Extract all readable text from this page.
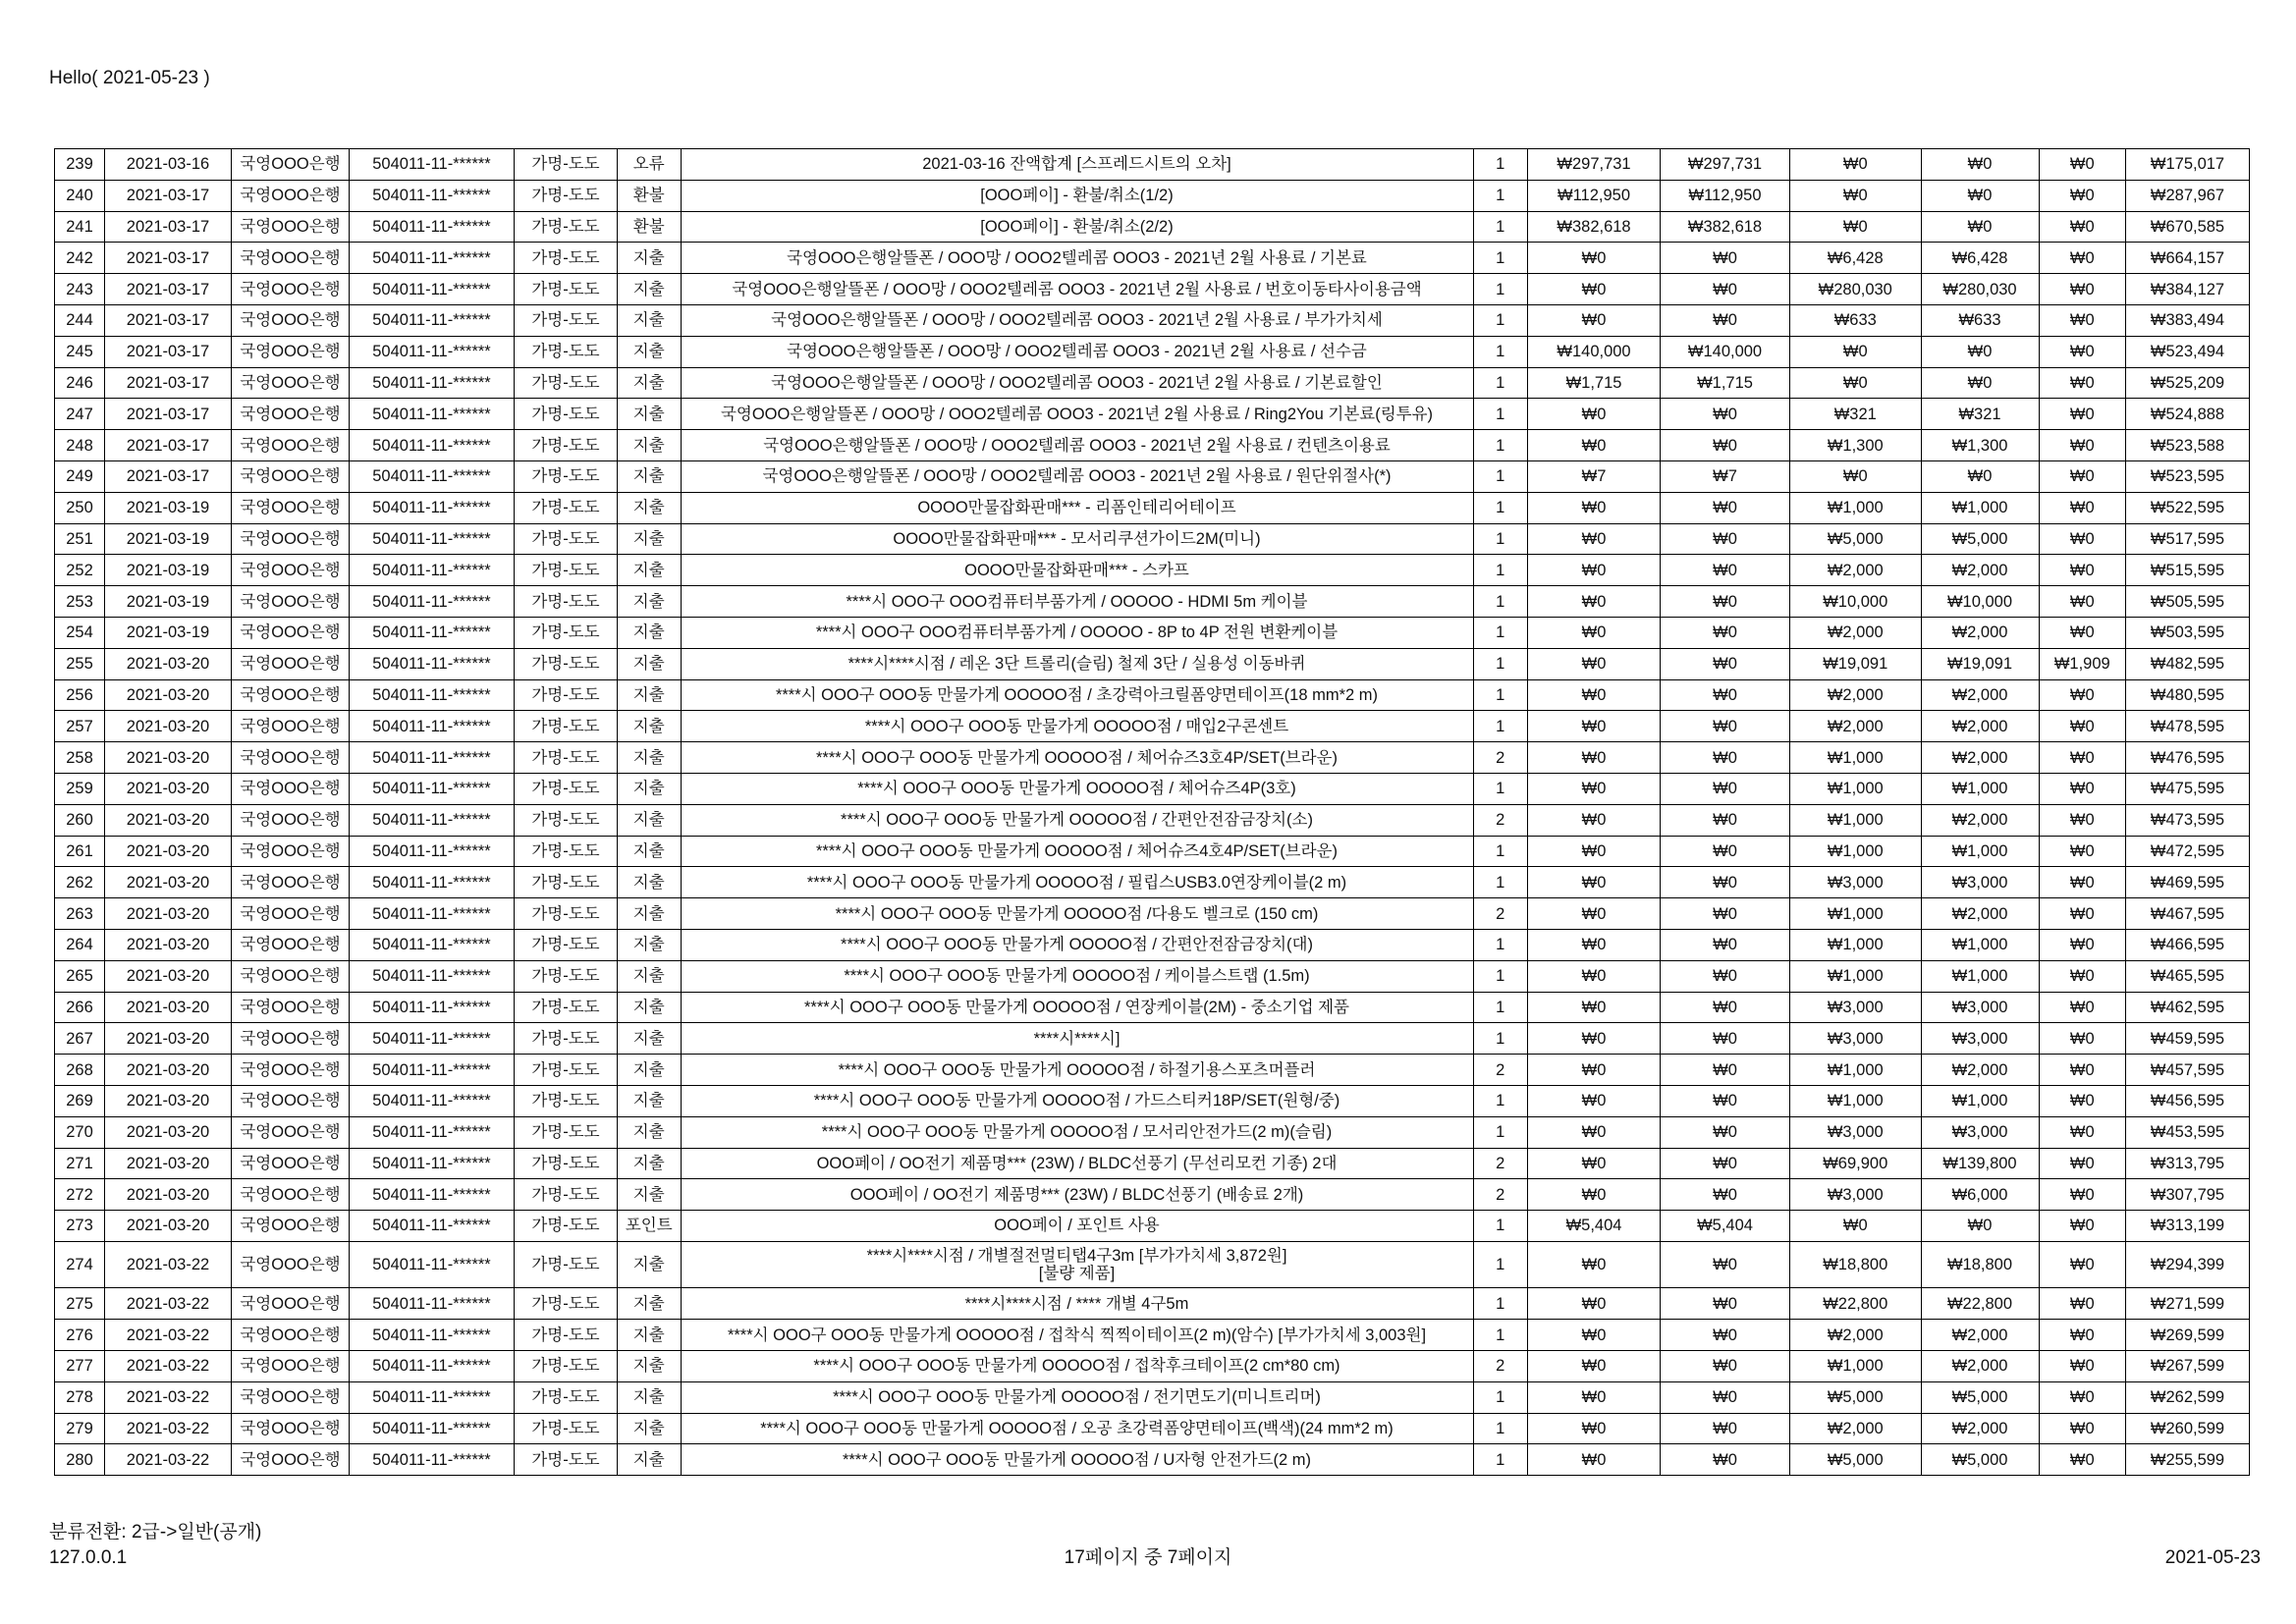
Hello( 2021-05-23 )
239	2021-03-16	국영OOO은행	504011-11-******	가명-도도	오류	2021-03-16 잔액합계 [스프레드시트의 오차]	1	₩297,731	₩297,731	₩0	₩0	₩0	₩175,017
240	2021-03-17	국영OOO은행	504011-11-******	가명-도도	환불	[OOO페이] - 환불/취소(1/2)	1	₩112,950	₩112,950	₩0	₩0	₩0	₩287,967
241	2021-03-17	국영OOO은행	504011-11-******	가명-도도	환불	[OOO페이] - 환불/취소(2/2)	1	₩382,618	₩382,618	₩0	₩0	₩0	₩670,585
242	2021-03-17	국영OOO은행	504011-11-******	가명-도도	지출	국영OOO은행알뜰폰 / OOO망 / OOO2텔레콤 OOO3 - 2021년 2월 사용료 / 기본료	1	₩0	₩0	₩6,428	₩6,428	₩0	₩664,157
243	2021-03-17	국영OOO은행	504011-11-******	가명-도도	지출	국영OOO은행알뜰폰 / OOO망 / OOO2텔레콤 OOO3 - 2021년 2월 사용료 / 번호이동타사이용금액	1	₩0	₩0	₩280,030	₩280,030	₩0	₩384,127
244	2021-03-17	국영OOO은행	504011-11-******	가명-도도	지출	국영OOO은행알뜰폰 / OOO망 / OOO2텔레콤 OOO3 - 2021년 2월 사용료 / 부가가치세	1	₩0	₩0	₩633	₩633	₩0	₩383,494
245	2021-03-17	국영OOO은행	504011-11-******	가명-도도	지출	국영OOO은행알뜰폰 / OOO망 / OOO2텔레콤 OOO3 - 2021년 2월 사용료 / 선수금	1	₩140,000	₩140,000	₩0	₩0	₩0	₩523,494
246	2021-03-17	국영OOO은행	504011-11-******	가명-도도	지출	국영OOO은행알뜰폰 / OOO망 / OOO2텔레콤 OOO3 - 2021년 2월 사용료 / 기본료할인	1	₩1,715	₩1,715	₩0	₩0	₩0	₩525,209
247	2021-03-17	국영OOO은행	504011-11-******	가명-도도	지출	국영OOO은행알뜰폰 / OOO망 / OOO2텔레콤 OOO3 - 2021년 2월 사용료 / Ring2You 기본료(링투유)	1	₩0	₩0	₩321	₩321	₩0	₩524,888
248	2021-03-17	국영OOO은행	504011-11-******	가명-도도	지출	국영OOO은행알뜰폰 / OOO망 / OOO2텔레콤 OOO3 - 2021년 2월 사용료 / 컨텐츠이용료	1	₩0	₩0	₩1,300	₩1,300	₩0	₩523,588
249	2021-03-17	국영OOO은행	504011-11-******	가명-도도	지출	국영OOO은행알뜰폰 / OOO망 / OOO2텔레콤 OOO3 - 2021년 2월 사용료 / 원단위절사(*)	1	₩7	₩7	₩0	₩0	₩0	₩523,595
250	2021-03-19	국영OOO은행	504011-11-******	가명-도도	지출	OOOO만물잡화판매*** - 리폼인테리어테이프	1	₩0	₩0	₩1,000	₩1,000	₩0	₩522,595
251	2021-03-19	국영OOO은행	504011-11-******	가명-도도	지출	OOOO만물잡화판매*** - 모서리쿠션가이드2M(미니)	1	₩0	₩0	₩5,000	₩5,000	₩0	₩517,595
252	2021-03-19	국영OOO은행	504011-11-******	가명-도도	지출	OOOO만물잡화판매*** - 스카프	1	₩0	₩0	₩2,000	₩2,000	₩0	₩515,595
253	2021-03-19	국영OOO은행	504011-11-******	가명-도도	지출	****시 OOO구 OOO컴퓨터부품가게 / OOOOO - HDMI 5m 케이블	1	₩0	₩0	₩10,000	₩10,000	₩0	₩505,595
254	2021-03-19	국영OOO은행	504011-11-******	가명-도도	지출	****시 OOO구 OOO컴퓨터부품가게 / OOOOO - 8P to 4P 전원 변환케이블	1	₩0	₩0	₩2,000	₩2,000	₩0	₩503,595
255	2021-03-20	국영OOO은행	504011-11-******	가명-도도	지출	****시****시점 / 레온 3단 트롤리(슬림) 철제 3단 / 실용성 이동바퀴	1	₩0	₩0	₩19,091	₩19,091	₩1,909	₩482,595
256	2021-03-20	국영OOO은행	504011-11-******	가명-도도	지출	****시 OOO구 OOO동 만물가게 OOOOO점 / 초강력아크릴폼양면테이프(18 mm*2 m)	1	₩0	₩0	₩2,000	₩2,000	₩0	₩480,595
257	2021-03-20	국영OOO은행	504011-11-******	가명-도도	지출	****시 OOO구 OOO동 만물가게 OOOOO점 / 매입2구콘센트	1	₩0	₩0	₩2,000	₩2,000	₩0	₩478,595
258	2021-03-20	국영OOO은행	504011-11-******	가명-도도	지출	****시 OOO구 OOO동 만물가게 OOOOO점 / 체어슈즈3호4P/SET(브라운)	2	₩0	₩0	₩1,000	₩2,000	₩0	₩476,595
259	2021-03-20	국영OOO은행	504011-11-******	가명-도도	지출	****시 OOO구 OOO동 만물가게 OOOOO점 / 체어슈즈4P(3호)	1	₩0	₩0	₩1,000	₩1,000	₩0	₩475,595
260	2021-03-20	국영OOO은행	504011-11-******	가명-도도	지출	****시 OOO구 OOO동 만물가게 OOOOO점 / 간편안전잠금장치(소)	2	₩0	₩0	₩1,000	₩2,000	₩0	₩473,595
261	2021-03-20	국영OOO은행	504011-11-******	가명-도도	지출	****시 OOO구 OOO동 만물가게 OOOOO점 / 체어슈즈4호4P/SET(브라운)	1	₩0	₩0	₩1,000	₩1,000	₩0	₩472,595
262	2021-03-20	국영OOO은행	504011-11-******	가명-도도	지출	****시 OOO구 OOO동 만물가게 OOOOO점 / 필립스USB3.0연장케이블(2 m)	1	₩0	₩0	₩3,000	₩3,000	₩0	₩469,595
263	2021-03-20	국영OOO은행	504011-11-******	가명-도도	지출	****시 OOO구 OOO동 만물가게 OOOOO점 /다용도 벨크로 (150 cm)	2	₩0	₩0	₩1,000	₩2,000	₩0	₩467,595
264	2021-03-20	국영OOO은행	504011-11-******	가명-도도	지출	****시 OOO구 OOO동 만물가게 OOOOO점 / 간편안전잠금장치(대)	1	₩0	₩0	₩1,000	₩1,000	₩0	₩466,595
265	2021-03-20	국영OOO은행	504011-11-******	가명-도도	지출	****시 OOO구 OOO동 만물가게 OOOOO점 / 케이블스트랩 (1.5m)	1	₩0	₩0	₩1,000	₩1,000	₩0	₩465,595
266	2021-03-20	국영OOO은행	504011-11-******	가명-도도	지출	****시 OOO구 OOO동 만물가게 OOOOO점 / 연장케이블(2M) - 중소기업 제품	1	₩0	₩0	₩3,000	₩3,000	₩0	₩462,595
267	2021-03-20	국영OOO은행	504011-11-******	가명-도도	지출	****시****시]	1	₩0	₩0	₩3,000	₩3,000	₩0	₩459,595
268	2021-03-20	국영OOO은행	504011-11-******	가명-도도	지출	****시 OOO구 OOO동 만물가게 OOOOO점 / 하절기용스포츠머플러	2	₩0	₩0	₩1,000	₩2,000	₩0	₩457,595
269	2021-03-20	국영OOO은행	504011-11-******	가명-도도	지출	****시 OOO구 OOO동 만물가게 OOOOO점 / 가드스티커18P/SET(원형/중)	1	₩0	₩0	₩1,000	₩1,000	₩0	₩456,595
270	2021-03-20	국영OOO은행	504011-11-******	가명-도도	지출	****시 OOO구 OOO동 만물가게 OOOOO점 / 모서리안전가드(2 m)(슬림)	1	₩0	₩0	₩3,000	₩3,000	₩0	₩453,595
271	2021-03-20	국영OOO은행	504011-11-******	가명-도도	지출	OOO페이 / OO전기 제품명*** (23W) / BLDC선풍기 (무선리모컨 기종) 2대	2	₩0	₩0	₩69,900	₩139,800	₩0	₩313,795
272	2021-03-20	국영OOO은행	504011-11-******	가명-도도	지출	OOO페이 / OO전기 제품명*** (23W) / BLDC선풍기 (배송료 2개)	2	₩0	₩0	₩3,000	₩6,000	₩0	₩307,795
273	2021-03-20	국영OOO은행	504011-11-******	가명-도도	포인트	OOO페이 / 포인트 사용	1	₩5,404	₩5,404	₩0	₩0	₩0	₩313,199
274	2021-03-22	국영OOO은행	504011-11-******	가명-도도	지출	****시****시점 / 개별절전멀티탭4구3m [부가가치세 3,872원]
[불량 제품]	1	₩0	₩0	₩18,800	₩18,800	₩0	₩294,399
275	2021-03-22	국영OOO은행	504011-11-******	가명-도도	지출	****시****시점 / **** 개별 4구5m	1	₩0	₩0	₩22,800	₩22,800	₩0	₩271,599
276	2021-03-22	국영OOO은행	504011-11-******	가명-도도	지출	****시 OOO구 OOO동 만물가게 OOOOO점 / 접착식 찍찍이테이프(2 m)(암수) [부가가치세 3,003원]	1	₩0	₩0	₩2,000	₩2,000	₩0	₩269,599
277	2021-03-22	국영OOO은행	504011-11-******	가명-도도	지출	****시 OOO구 OOO동 만물가게 OOOOO점 / 접착후크테이프(2 cm*80 cm)	2	₩0	₩0	₩1,000	₩2,000	₩0	₩267,599
278	2021-03-22	국영OOO은행	504011-11-******	가명-도도	지출	****시 OOO구 OOO동 만물가게 OOOOO점 / 전기면도기(미니트리머)	1	₩0	₩0	₩5,000	₩5,000	₩0	₩262,599
279	2021-03-22	국영OOO은행	504011-11-******	가명-도도	지출	****시 OOO구 OOO동 만물가게 OOOOO점 / 오공 초강력폼양면테이프(백색)(24 mm*2 m)	1	₩0	₩0	₩2,000	₩2,000	₩0	₩260,599
280	2021-03-22	국영OOO은행	504011-11-******	가명-도도	지출	****시 OOO구 OOO동 만물가게 OOOOO점 / U자형 안전가드(2 m)	1	₩0	₩0	₩5,000	₩5,000	₩0	₩255,599
분류전환: 2급->일반(공개)
127.0.0.1	17페이지 중 7페이지	2021-05-23
